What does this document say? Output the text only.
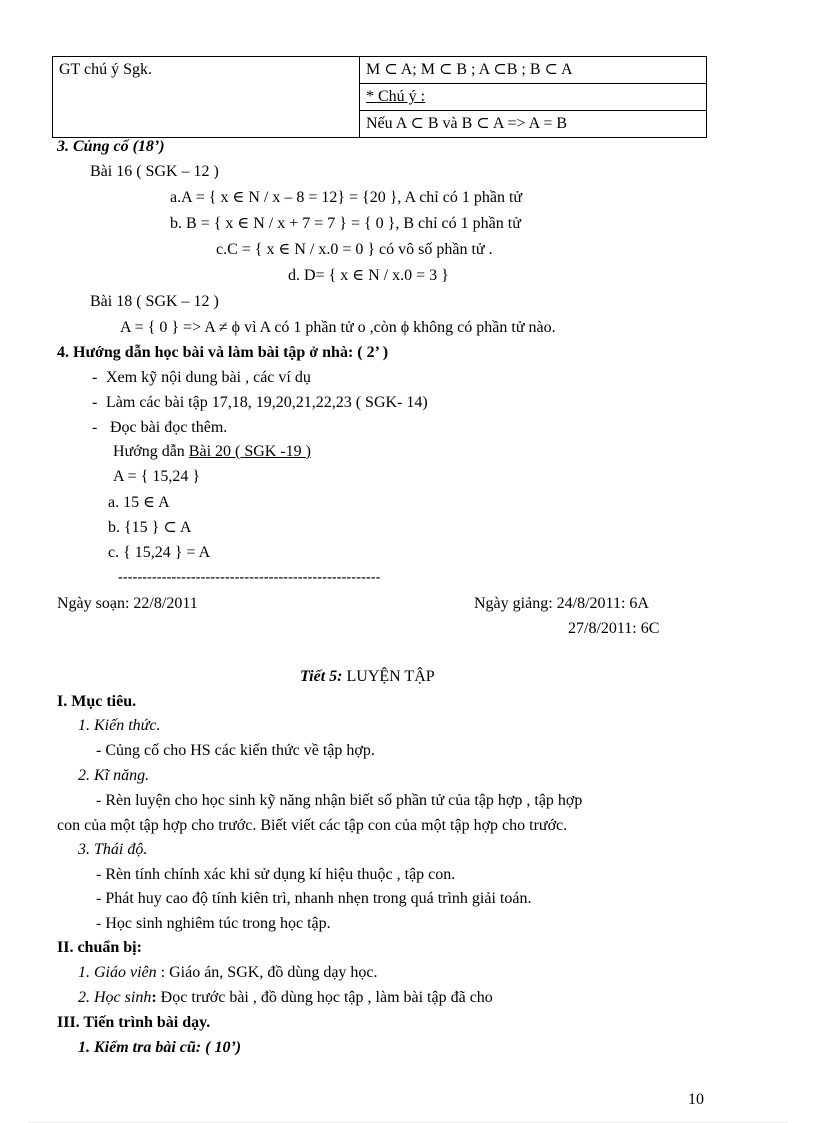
GT chú ý Sgk.	M ⊂ A; M ⊂ B ; A ⊂B ; B ⊂ A

* Chú ý :

Nếu A ⊂ B và B ⊂ A => A = B
3. Củng cố (18’)
Bài 16 ( SGK – 12 )
a.A = { x ∈ N / x – 8 = 12} = {20 }, A chỉ có 1 phần tử
b. B = { x ∈ N / x + 7 = 7 } = { 0 }, B chỉ có 1 phần tử
c.C = { x ∈ N / x.0 = 0 } có vô số phần tử .
d. D= { x ∈ N / x.0 = 3 }
Bài 18 ( SGK – 12 )
A = { 0 } => A ≠ ϕ vì A có 1 phần tử o ,còn ϕ không có phần tử nào.
4. Hướng dẫn học bài và làm bài tập ở nhà: ( 2’ )
- Xem kỹ nội dung bài , các ví dụ
- Làm các bài tập 17,18, 19,20,21,22,23 ( SGK- 14)
- Đọc bài đọc thêm.
Hướng dẫn Bài 20 ( SGK -19 )
A = { 15,24 }
a. 15 ∈ A
b. {15 } ⊂ A
c. { 15,24 } = A
------------------------------------------------------
Ngày soạn: 22/8/2011	Ngày giảng: 24/8/2011: 6A
27/8/2011: 6C
Tiết 5: LUYỆN TẬP
I. Mục tiêu.
1. Kiến thức.
- Củng cố cho HS các kiến thức về tập hợp.
2. Kĩ năng.
- Rèn luyện cho học sinh kỹ năng nhận biết số phần tử của tập hợp , tập hợp
con của một tập hợp cho trước. Biết viết các tập con của một tập hợp cho trước.
3. Thái độ.
- Rèn tính chính xác khi sử dụng kí hiệu thuộc , tập con.
- Phát huy cao độ tính kiên trì, nhanh nhẹn trong quá trình giải toán.
- Học sinh nghiêm túc trong học tập.
II. chuẩn bị:
1. Giáo viên : Giáo án, SGK, đồ dùng dạy học.
2. Học sinh: Đọc trước bài , đồ dùng học tập , làm bài tập đã cho
III. Tiến trình bài dạy.
1. Kiểm tra bài cũ: ( 10’)
10
